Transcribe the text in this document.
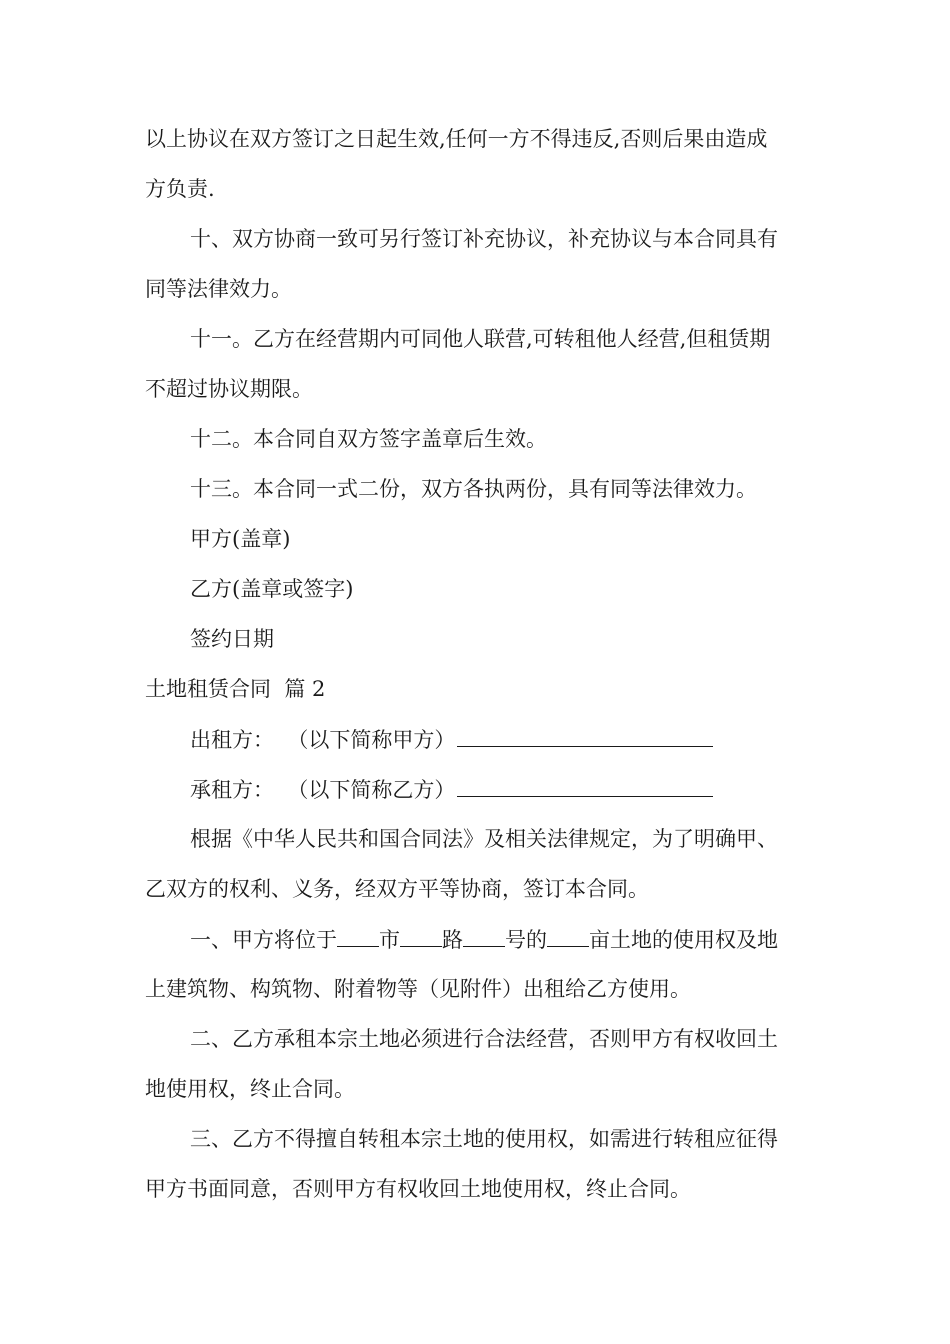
以上协议在双方签订之日起生效,任何一方不得违反,否则后果由造成
方负责.
十、双方协商一致可另行签订补充协议，补充协议与本合同具有
同等法律效力。
十一。乙方在经营期内可同他人联营,可转租他人经营,但租赁期
不超过协议期限。
十二。本合同自双方签字盖章后生效。
十三。本合同一式二份，双方各执两份，具有同等法律效力。
甲方(盖章)
乙方(盖章或签字)
签约日期
土地租赁合同  篇 2
出租方：  （以下简称甲方）
承租方：  （以下简称乙方）
根据《中华人民共和国合同法》及相关法律规定，为了明确甲、
乙双方的权利、义务，经双方平等协商，签订本合同。
一、甲方将位于 市 路 号的 亩土地的使用权及地
上建筑物、构筑物、附着物等（见附件）出租给乙方使用。
二、乙方承租本宗土地必须进行合法经营，否则甲方有权收回土
地使用权，终止合同。
三、乙方不得擅自转租本宗土地的使用权，如需进行转租应征得
甲方书面同意，否则甲方有权收回土地使用权，终止合同。
